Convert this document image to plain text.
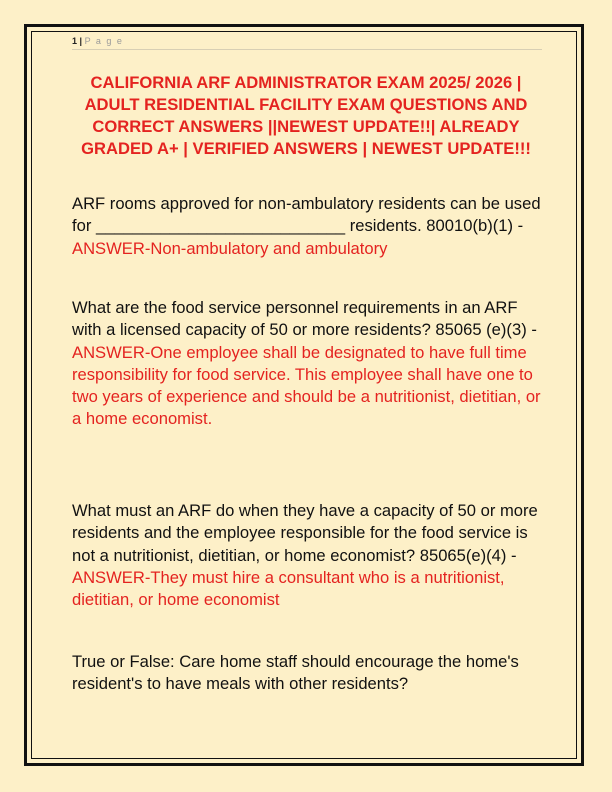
1 | P a g e
CALIFORNIA ARF ADMINISTRATOR EXAM 2025/ 2026 | ADULT RESIDENTIAL FACILITY EXAM QUESTIONS AND CORRECT ANSWERS ||NEWEST UPDATE!!| ALREADY GRADED A+ | VERIFIED ANSWERS | NEWEST UPDATE!!!
ARF rooms approved for non-ambulatory residents can be used for ___________________________ residents. 80010(b)(1) - ANSWER-Non-ambulatory and ambulatory
What are the food service personnel requirements in an ARF with a licensed capacity of 50 or more residents? 85065 (e)(3) - ANSWER-One employee shall be designated to have full time responsibility for food service. This employee shall have one to two years of experience and should be a nutritionist, dietitian, or a home economist.
What must an ARF do when they have a capacity of 50 or more residents and the employee responsible for the food service is not a nutritionist, dietitian, or home economist? 85065(e)(4) - ANSWER-They must hire a consultant who is a nutritionist, dietitian, or home economist
True or False: Care home staff should encourage the home's resident's to have meals with other residents?
